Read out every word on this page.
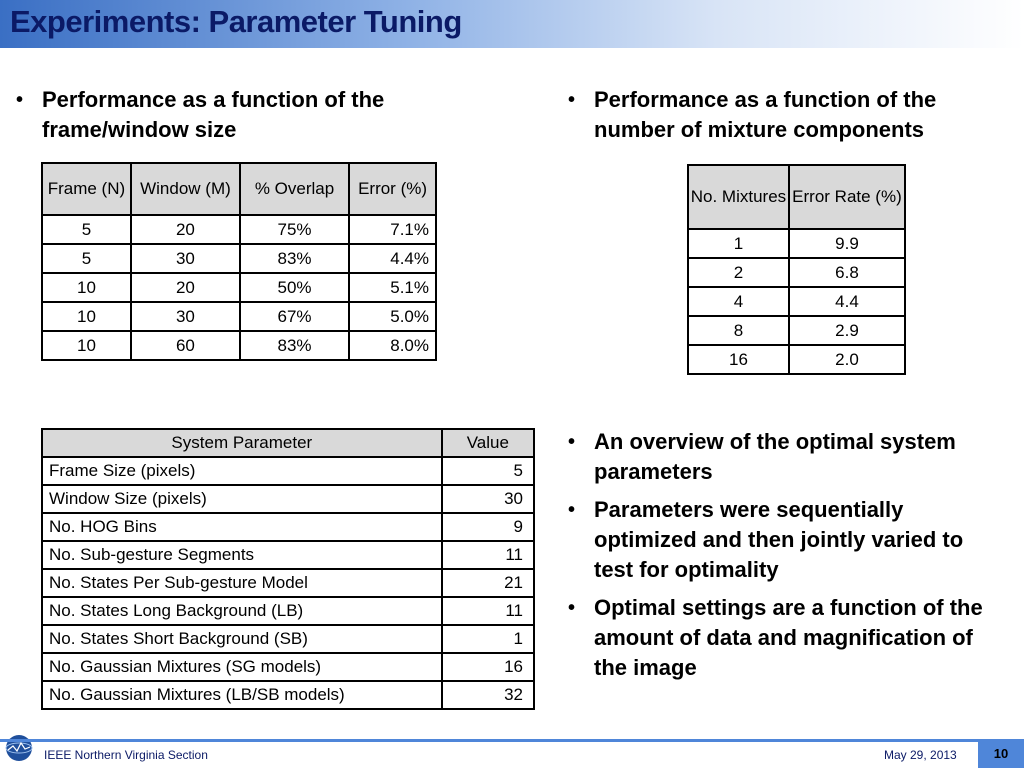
Experiments: Parameter Tuning
• Performance as a function of the frame/window size
• Performance as a function of the number of mixture components
• An overview of the optimal system parameters
• Parameters were sequentially optimized and then jointly varied to test for optimality
• Optimal settings are a function of the amount of data and magnification of the image
Frame (N)	Window (M)	% Overlap	Error (%)
5	20	75%	7.1%
5	30	83%	4.4%
10	20	50%	5.1%
10	30	67%	5.0%
10	60	83%	8.0%
No. Mixtures	Error Rate (%)
1	9.9
2	6.8
4	4.4
8	2.9
16	2.0
System Parameter	Value
Frame Size (pixels)	5
Window Size (pixels)	30
No. HOG Bins	9
No. Sub-gesture Segments	11
No. States Per Sub-gesture Model	21
No. States Long Background (LB)	11
No. States Short Background (SB)	1
No. Gaussian Mixtures (SG models)	16
No. Gaussian Mixtures (LB/SB models)	32
IEEE Northern Virginia Section	May 29, 2013	10
